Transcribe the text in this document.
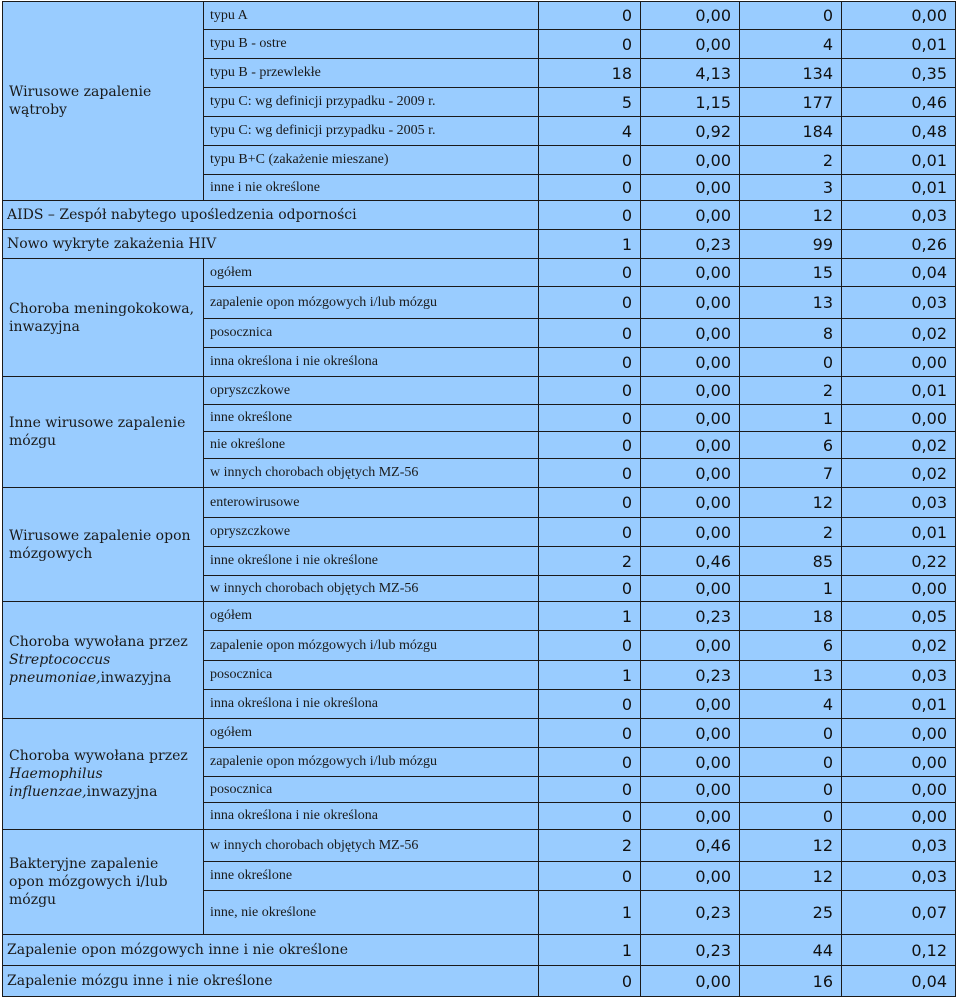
Wirusowe zapalenie wątroby	typu A	0	0,00	0	0,00
	typu B - ostre	0	0,00	4	0,01
	typu B - przewlekłe	18	4,13	134	0,35
	typu C: wg definicji przypadku - 2009 r.	5	1,15	177	0,46
	typu C: wg definicji przypadku - 2005 r.	4	0,92	184	0,48
	typu B+C (zakażenie mieszane)	0	0,00	2	0,01
	inne i nie określone	0	0,00	3	0,01
AIDS – Zespół nabytego upośledzenia odporności		0	0,00	12	0,03
Nowo wykryte zakażenia HIV		1	0,23	99	0,26
Choroba meningokokowa, inwazyjna	ogółem	0	0,00	15	0,04
	zapalenie opon mózgowych i/lub mózgu	0	0,00	13	0,03
	posocznica	0	0,00	8	0,02
	inna określona i nie określona	0	0,00	0	0,00
Inne wirusowe zapalenie mózgu	opryszczkowe	0	0,00	2	0,01
	inne określone	0	0,00	1	0,00
	nie określone	0	0,00	6	0,02
	w innych chorobach objętych MZ-56	0	0,00	7	0,02
Wirusowe zapalenie opon mózgowych	enterowirusowe	0	0,00	12	0,03
	opryszczkowe	0	0,00	2	0,01
	inne określone i nie określone	2	0,46	85	0,22
	w innych chorobach objętych MZ-56	0	0,00	1	0,00
Choroba wywołana przez
Streptococcus pneumoniae,inwazyjna	ogółem	1	0,23	18	0,05
	zapalenie opon mózgowych i/lub mózgu	0	0,00	6	0,02
	posocznica	1	0,23	13	0,03
	inna określona i nie określona	0	0,00	4	0,01
Choroba wywołana przez
Haemophilus influenzae,inwazyjna	ogółem	0	0,00	0	0,00
	zapalenie opon mózgowych i/lub mózgu	0	0,00	0	0,00
	posocznica	0	0,00	0	0,00
	inna określona i nie określona	0	0,00	0	0,00
Bakteryjne zapalenie opon mózgowych i/lub mózgu	w innych chorobach objętych MZ-56	2	0,46	12	0,03
	inne określone	0	0,00	12	0,03
	inne, nie określone	1	0,23	25	0,07
Zapalenie opon mózgowych inne i nie określone		1	0,23	44	0,12
Zapalenie mózgu inne i nie określone		0	0,00	16	0,04
